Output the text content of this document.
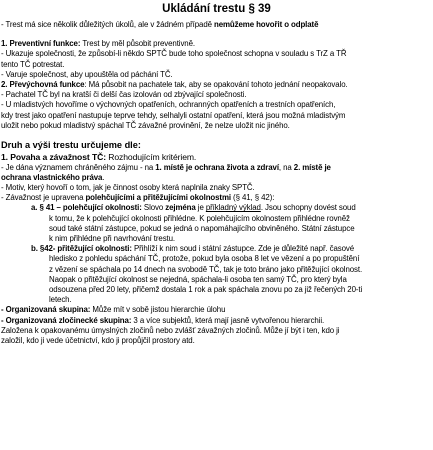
Ukládání trestu § 39

- Trest má sice několik důležitých úkolů, ale v žádném případě nemůžeme hovořit o odplatě

1. Preventivní funkce: Trest by měl působit preventivně.

- Ukazuje společnosti, že způsobí-li někdo SPTČ bude toho společnost schopna v souladu s TrZ a TŘ

tento TČ potrestat.

- Varuje společnost, aby upouštěla od páchání TČ.

2. Převýchovná funkce: Má působit na pachatele tak, aby se opakování tohoto jednání neopakovalo.

- Pachatel TČ byl na kratší či delší čas izolován od zbývající společnosti.

- U mladistvých hovoříme o výchovných opatřeních, ochranných opatřeních a trestních opatřeních,

kdy trest jako opatření nastupuje teprve tehdy, selhalyli ostatní opatření, která jsou možná mladistvým

uložit nebo pokud mladistvý spáchal TČ závažné provinění, že nelze uložit nic jiného.

Druh a výši trestu určujeme dle:

1. Povaha a závažnost TČ: Rozhodujícím kritériem.

- Je dána významem chráněného zájmu - na 1. místě je ochrana života a zdraví, na 2. místě je

ochrana vlastnického práva.

- Motiv, který hovoří o tom, jak je činnost osoby která naplnila znaky SPTČ.

- Závažnost je upravena polehčujícími a přitěžujícími okolnostmi (§ 41, § 42):

a. § 41 – polehčující okolnosti: Slovo zejména je příkladný výklad. Jsou schopny dovést soud

k tomu, že k polehčující okolnosti přihlédne. K polehčujícím okolnostem přihlédne rovněž

soud také státní zástupce, pokud se jedná o napomáhajícího obviněného. Státní zástupce

k nim přihlédne při navrhování trestu.

b. §42- přitěžující okolnosti: Přihlíží k nim soud i státní zástupce. Zde je důležité např. časové

hledisko z pohledu spáchání TČ, protože, pokud byla osoba 8 let ve vězení a po propuštění

z vězení se spáchala po 14 dnech na svobodě TČ, tak je toto bráno jako přitěžující okolnost.

Naopak o přitěžující okolnost se nejedná, spáchala-li osoba ten samý TČ, pro který byla

odsouzena před 20 lety, přičemž dostala 1 rok a pak spáchala znovu po za již řečených 20-ti

letech.

- Organizovaná skupina: Může mít v sobě jistou hierarchie úlohu

- Organizovaná zločinecké skupina: 3 a více subjektů, která mají jasně vytvořenou hierarchii.

Založena k opakovanému úmyslných zločinů nebo zvlášť závažných zločinů. Může jí být i ten, kdo ji

založil, kdo ji vede účetnictví, kdo ji propůjčil prostory atd.
